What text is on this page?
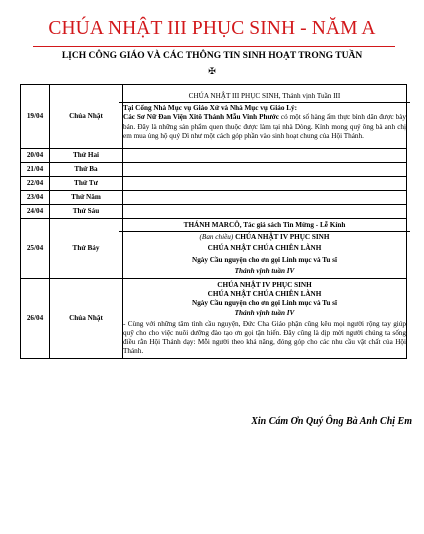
CHÚA NHẬT III PHỤC SINH - NĂM A
LỊCH CÔNG GIÁO VÀ CÁC THÔNG TIN SINH HOẠT TRONG TUẦN
✠
19/04	Chúa Nhật	CHÚA NHẬT III PHỤC SINH, Thánh vịnh Tuần III
Tại Cổng Nhà Mục vụ Giáo Xứ và Nhà Mục vụ Giáo Lý:
Các Sơ Nữ Đan Viện Xitô Thánh Mẫu Vinh Phước có một số hàng ấm thực bình dân được bày bán. Đây là những sản phẩm quen thuộc được làm tại nhà Dòng. Kính mong quý ông bà anh chị em mua ủng hộ quý Dì như một cách góp phần vào sinh hoạt chung của Hội Thánh.

20/04	Thứ Hai	
21/04	Thứ Ba	
22/04	Thứ Tư	
23/04	Thứ Năm	
24/04	Thứ Sáu	
25/04	Thứ Bảy	THÁNH MARCÔ, Tác giả sách Tin Mừng - Lễ Kính
(Ban chiều) CHÚA NHẬT IV PHỤC SINH
CHÚA NHẬT CHÚA CHIÊN LÀNH
Ngày Cầu nguyện cho ơn gọi Linh mục và Tu sĩ
Thánh vịnh tuần IV

26/04	Chúa Nhật	CHÚA NHẬT IV PHỤC SINH
CHÚA NHẬT CHÚA CHIÊN LÀNH
Ngày Cầu nguyện cho ơn gọi Linh mục và Tu sĩ
Thánh vịnh tuần IV
- Cùng với những tâm tình cầu nguyện, Đức Cha Giáo phận cũng kêu mọi người rộng tay giúp quỹ cho cho việc nuôi dưỡng đào tạo ơn gọi tận hiến. Đây cũng là dịp mời người chúng ta sống điều rằn Hội Thánh dạy: Mỗi người theo khả năng, đóng góp cho các nhu cầu vật chất của Hội Thánh.
Xin Cám Ơn Quý Ông Bà Anh Chị Em
